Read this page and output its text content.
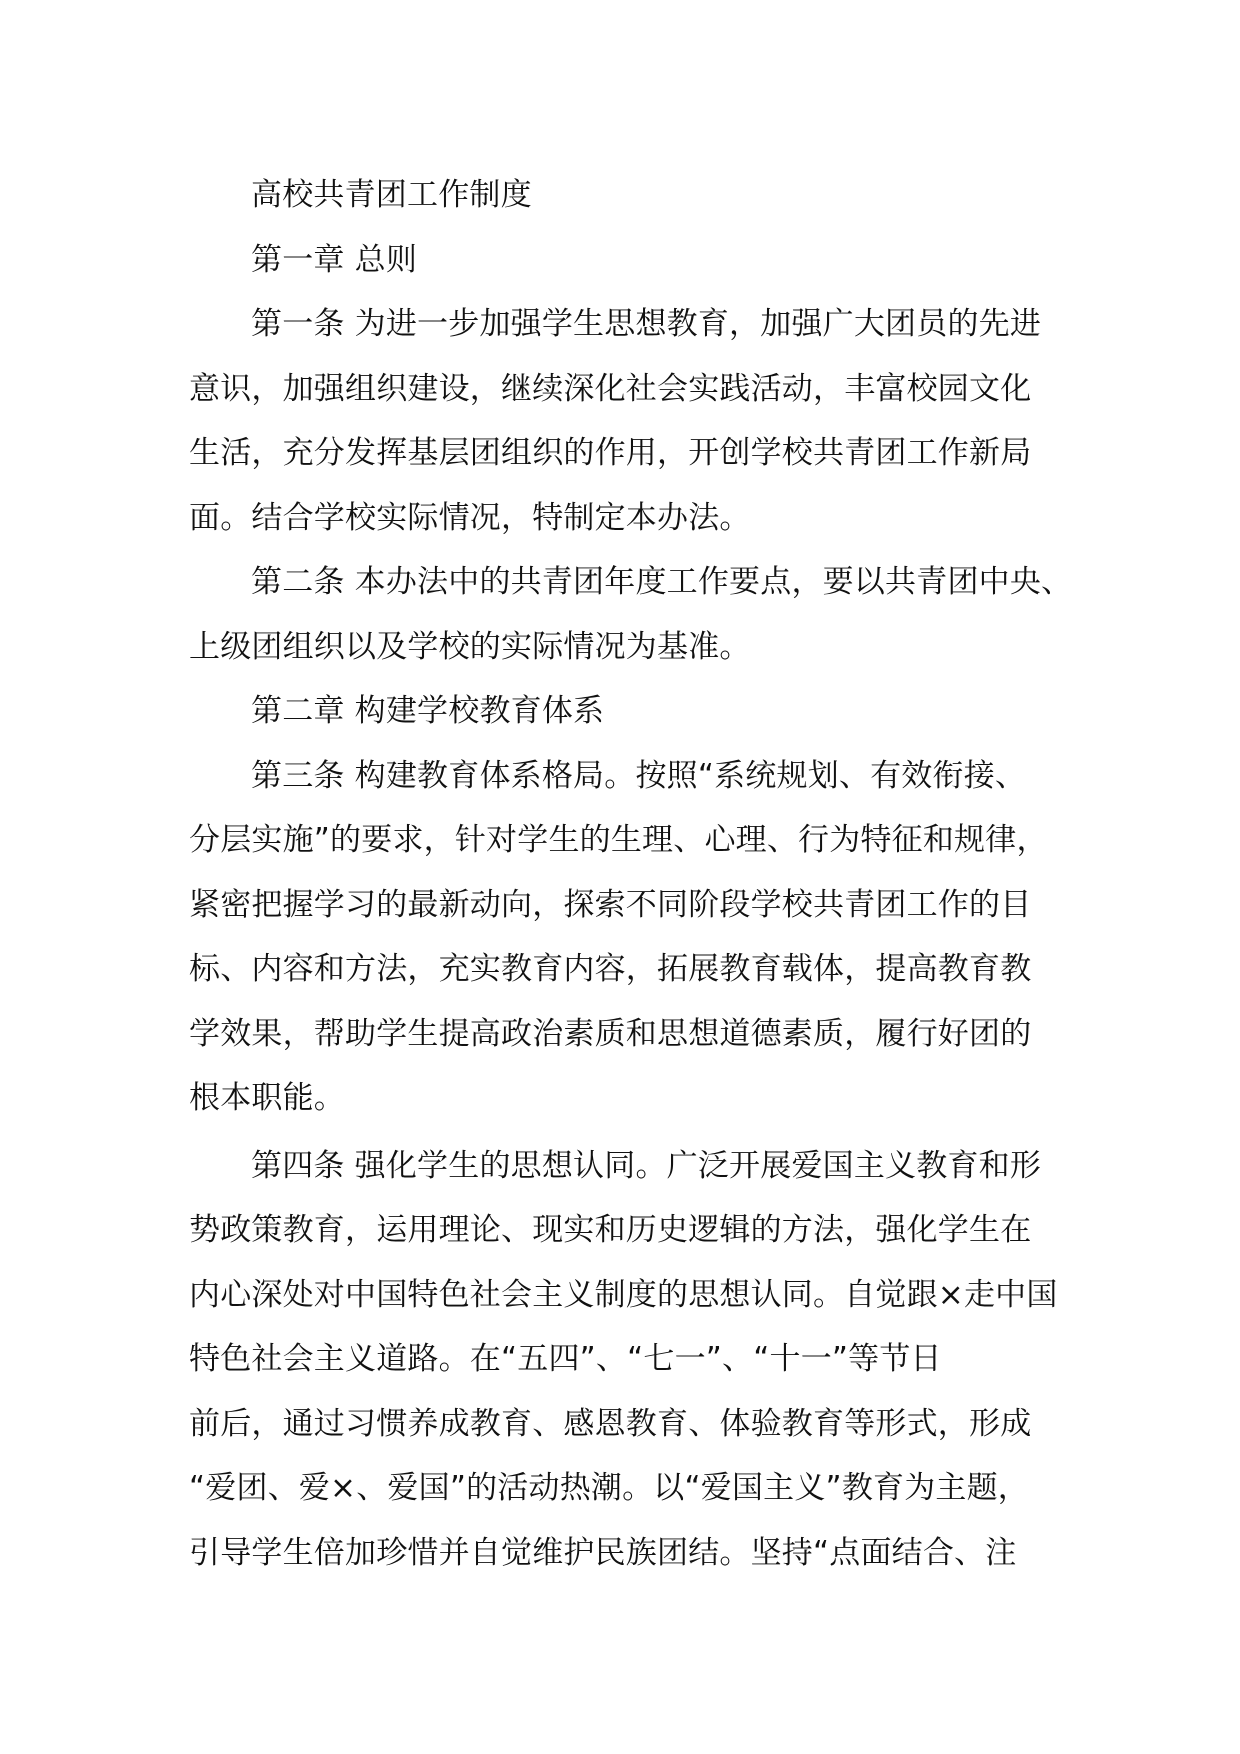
高校共青团工作制度
第一章 总则
第一条 为进一步加强学生思想教育，加强广大团员的先进
意识，加强组织建设，继续深化社会实践活动，丰富校园文化
生活，充分发挥基层团组织的作用，开创学校共青团工作新局
面。结合学校实际情况，特制定本办法。
第二条 本办法中的共青团年度工作要点，要以共青团中央、
上级团组织以及学校的实际情况为基准。
第二章 构建学校教育体系
第三条 构建教育体系格局。按照“系统规划、有效衔接、
分层实施”的要求，针对学生的生理、心理、行为特征和规律，
紧密把握学习的最新动向，探索不同阶段学校共青团工作的目
标、内容和方法，充实教育内容，拓展教育载体，提高教育教
学效果，帮助学生提高政治素质和思想道德素质，履行好团的
根本职能。
第四条 强化学生的思想认同。广泛开展爱国主义教育和形
势政策教育，运用理论、现实和历史逻辑的方法，强化学生在
内心深处对中国特色社会主义制度的思想认同。自觉跟×走中国
特色社会主义道路。在“五四”、“七一”、“十一”等节日
前后，通过习惯养成教育、感恩教育、体验教育等形式，形成
“爱团、爱×、爱国”的活动热潮。以“爱国主义”教育为主题，
引导学生倍加珍惜并自觉维护民族团结。坚持“点面结合、注
